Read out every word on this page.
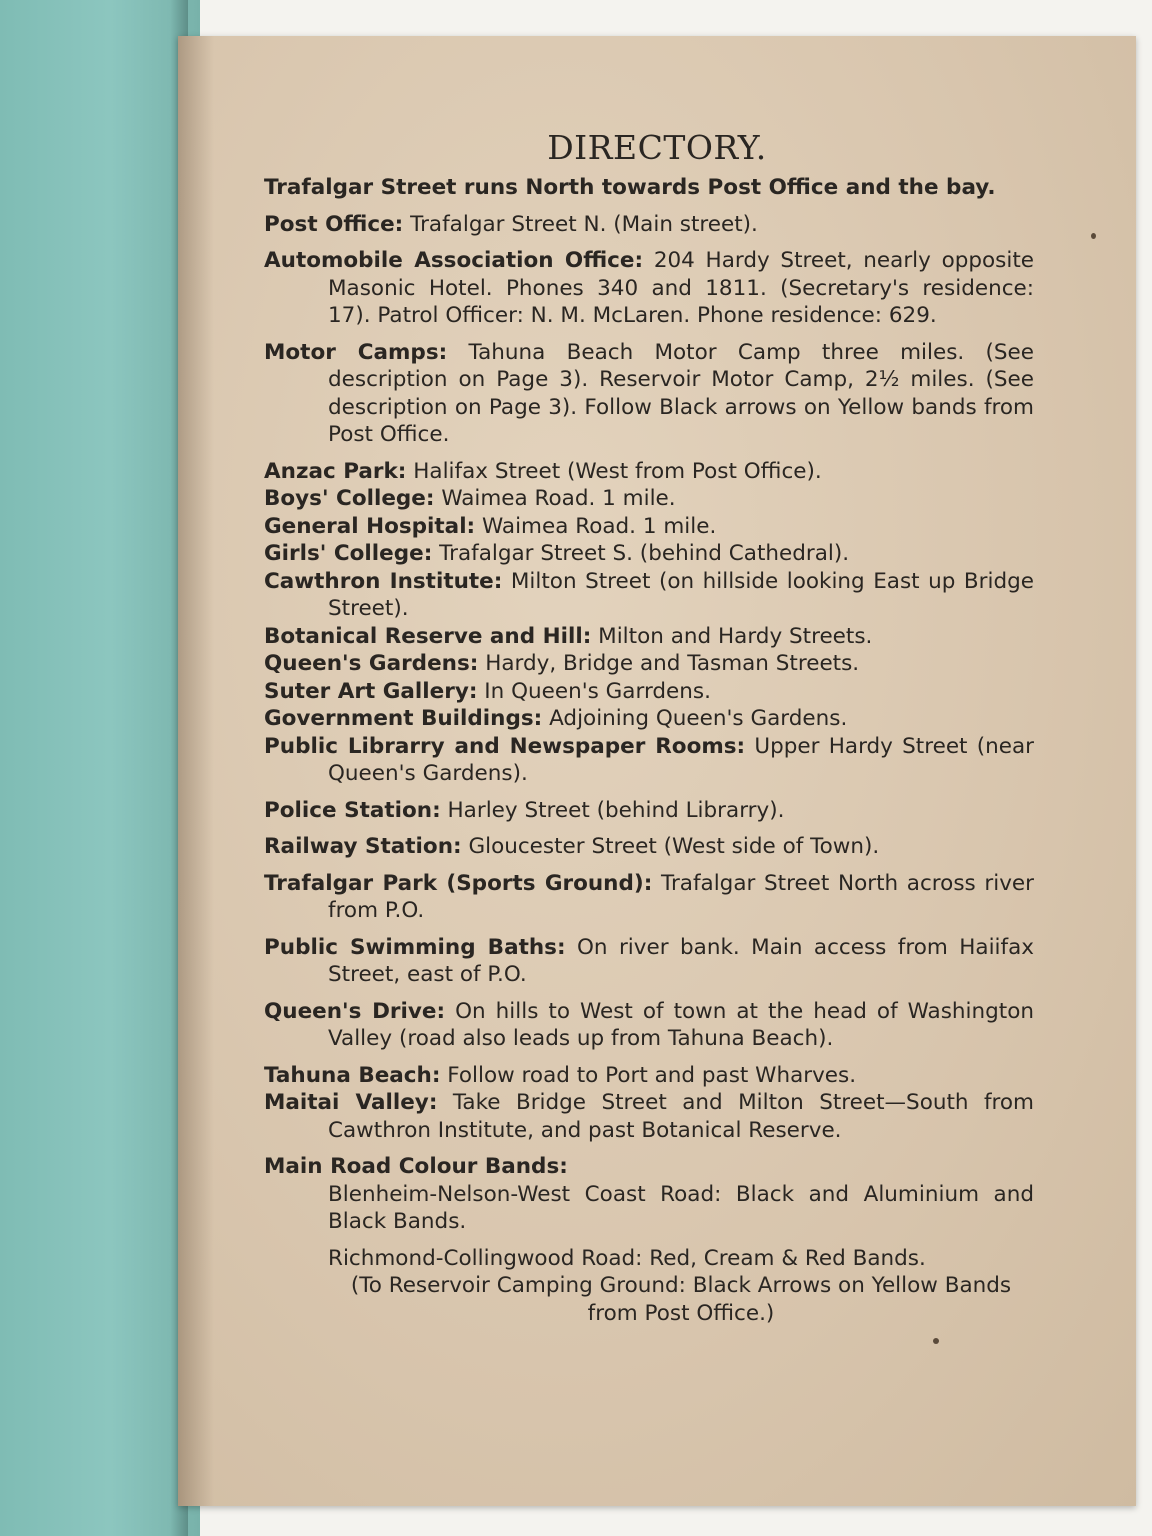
DIRECTORY.
Trafalgar Street runs North towards Post Office and the bay.
Post Office: Trafalgar Street N. (Main street).
Automobile Association Office: 204 Hardy Street, nearly opposite Masonic Hotel. Phones 340 and 1811. (Secretary's residence: 17). Patrol Officer: N. M. McLaren. Phone residence: 629.
Motor Camps: Tahuna Beach Motor Camp three miles. (See description on Page 3). Reservoir Motor Camp, 2½ miles. (See description on Page 3). Follow Black arrows on Yellow bands from Post Office.
Anzac Park: Halifax Street (West from Post Office).
Boys' College: Waimea Road. 1 mile.
General Hospital: Waimea Road. 1 mile.
Girls' College: Trafalgar Street S. (behind Cathedral).
Cawthron Institute: Milton Street (on hillside looking East up Bridge Street).
Botanical Reserve and Hill: Milton and Hardy Streets.
Queen's Gardens: Hardy, Bridge and Tasman Streets.
Suter Art Gallery: In Queen's Garrdens.
Government Buildings: Adjoining Queen's Gardens.
Public Librarry and Newspaper Rooms: Upper Hardy Street (near Queen's Gardens).
Police Station: Harley Street (behind Librarry).
Railway Station: Gloucester Street (West side of Town).
Trafalgar Park (Sports Ground): Trafalgar Street North across river from P.O.
Public Swimming Baths: On river bank. Main access from Haiifax Street, east of P.O.
Queen's Drive: On hills to West of town at the head of Washington Valley (road also leads up from Tahuna Beach).
Tahuna Beach: Follow road to Port and past Wharves.
Maitai Valley: Take Bridge Street and Milton Street—South from Cawthron Institute, and past Botanical Reserve.
Main Road Colour Bands:
Blenheim-Nelson-West Coast Road: Black and Aluminium and Black Bands.
Richmond-Collingwood Road: Red, Cream & Red Bands.
(To Reservoir Camping Ground: Black Arrows on Yellow Bands from Post Office.)
